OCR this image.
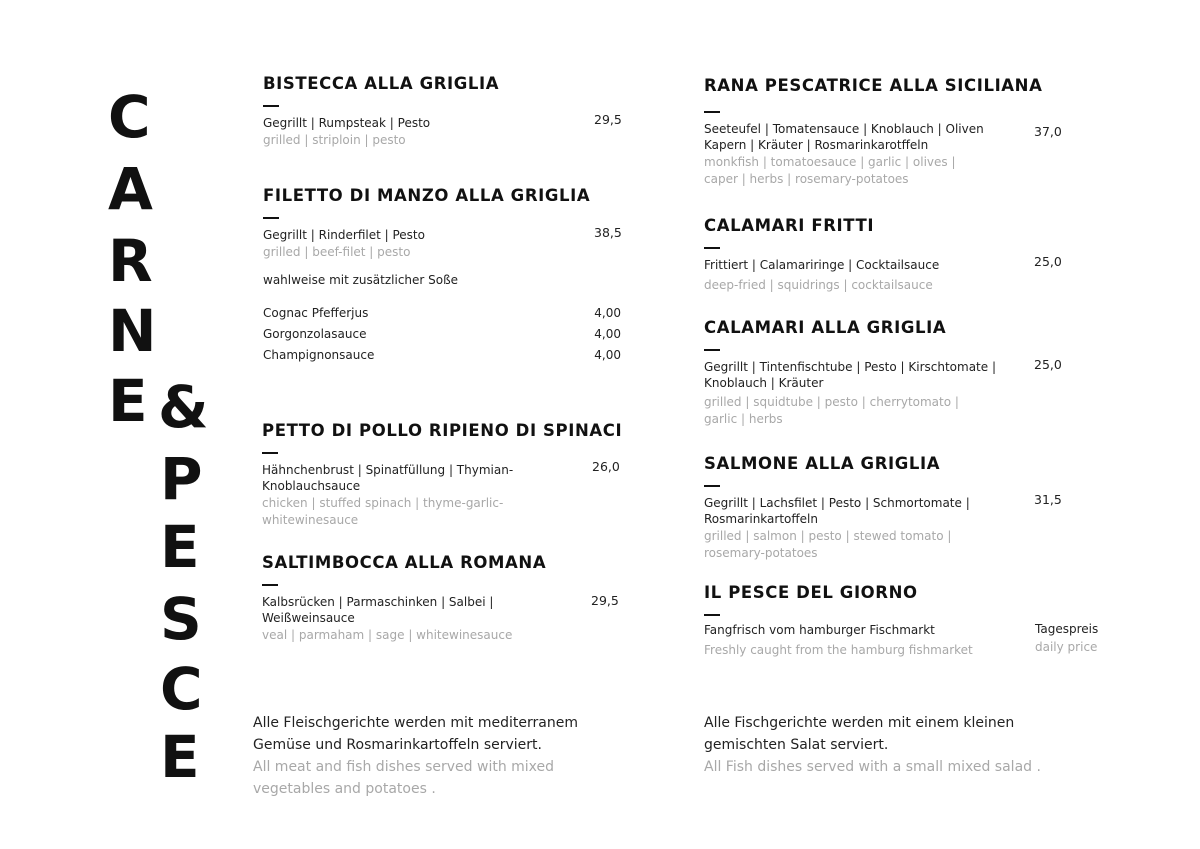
C
A
R
N
E &
P
E
S
C
E
BISTECCA ALLA GRIGLIA
Gegrillt | Rumpsteak | Pesto
grilled | striploin | pesto
29,5
FILETTO DI MANZO ALLA GRIGLIA
Gegrillt | Rinderfilet | Pesto
grilled | beef-filet | pesto
38,5
wahlweise mit zusätzlicher Soße
Cognac Pfefferjus	4,00
Gorgonzolasauce	4,00
Champignonsauce	4,00
PETTO DI POLLO RIPIENO DI SPINACI
Hähnchenbrust | Spinatfüllung | Thymian-
Knoblauchsauce
chicken | stuffed spinach | thyme-garlic-
whitewinesauce
26,0
SALTIMBOCCA ALLA ROMANA
Kalbsrücken | Parmaschinken | Salbei |
Weißweinsauce
veal | parmaham | sage | whitewinesauce
29,5
Alle Fleischgerichte werden mit mediterranem
Gemüse und Rosmarinkartoffeln serviert.
All meat and fish dishes served with mixed
vegetables and potatoes .
RANA PESCATRICE ALLA SICILIANA
Seeteufel | Tomatensauce | Knoblauch | Oliven
Kapern | Kräuter | Rosmarinkarotffeln
monkfish | tomatoesauce | garlic | olives |
caper | herbs | rosemary-potatoes
37,0
CALAMARI FRITTI
Frittiert | Calamariringe | Cocktailsauce
deep-fried | squidrings | cocktailsauce
25,0
CALAMARI ALLA GRIGLIA
Gegrillt | Tintenfischtube | Pesto | Kirschtomate |
Knoblauch | Kräuter
grilled | squidtube | pesto | cherrytomato |
garlic | herbs
25,0
SALMONE ALLA GRIGLIA
Gegrillt | Lachsfilet | Pesto | Schmortomate |
Rosmarinkartoffeln
grilled | salmon | pesto | stewed tomato |
rosemary-potatoes
31,5
IL PESCE DEL GIORNO
Fangfrisch vom hamburger Fischmarkt
Freshly caught from the hamburg fishmarket
Tagespreis
daily price
Alle Fischgerichte werden mit einem kleinen
gemischten Salat serviert.
All Fish dishes served with a small mixed salad .
